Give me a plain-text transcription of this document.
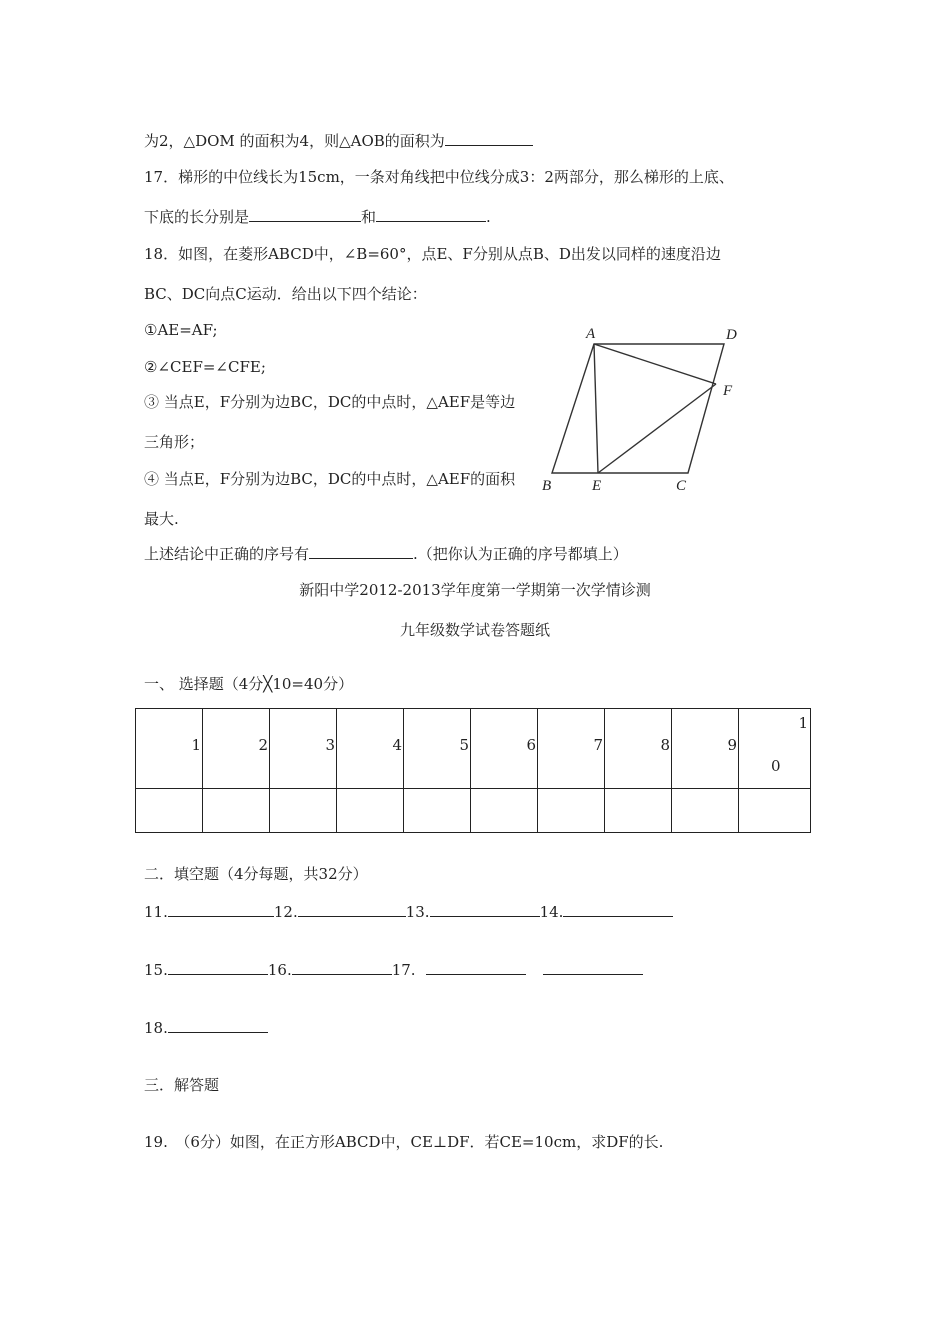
为2，△DOM 的面积为4，则△AOB的面积为
17．梯形的中位线长为15cm，一条对角线把中位线分成3：2两部分，那么梯形的上底、
下底的长分别是	和	.
18．如图，在菱形ABCD中，∠B=60°，点E、F分别从点B、D出发以同样的速度沿边
BC、DC向点C运动．给出以下四个结论：
①AE=AF;
②∠CEF=∠CFE;
③ 当点E，F分别为边BC，DC的中点时，△AEF是等边
三角形；
④ 当点E，F分别为边BC，DC的中点时，△AEF的面积
最大.
上述结论中正确的序号有	.（把你认为正确的序号都填上）
A	D
F
B	E	C
新阳中学2012-2013学年度第一学期第一次学情诊测
九年级数学试卷答题纸
一、 选择题（4分╳10=40分）
1	2	3	4	5	6	7	8	9	1
0

二．填空题（4分每题，共32分）
11.	12.	13.	14.
15.	16.	17.
18.
三．解答题
19.　（6分）如图，在正方形ABCD中，CE⊥DF．若CE=10cm，求DF的长.
